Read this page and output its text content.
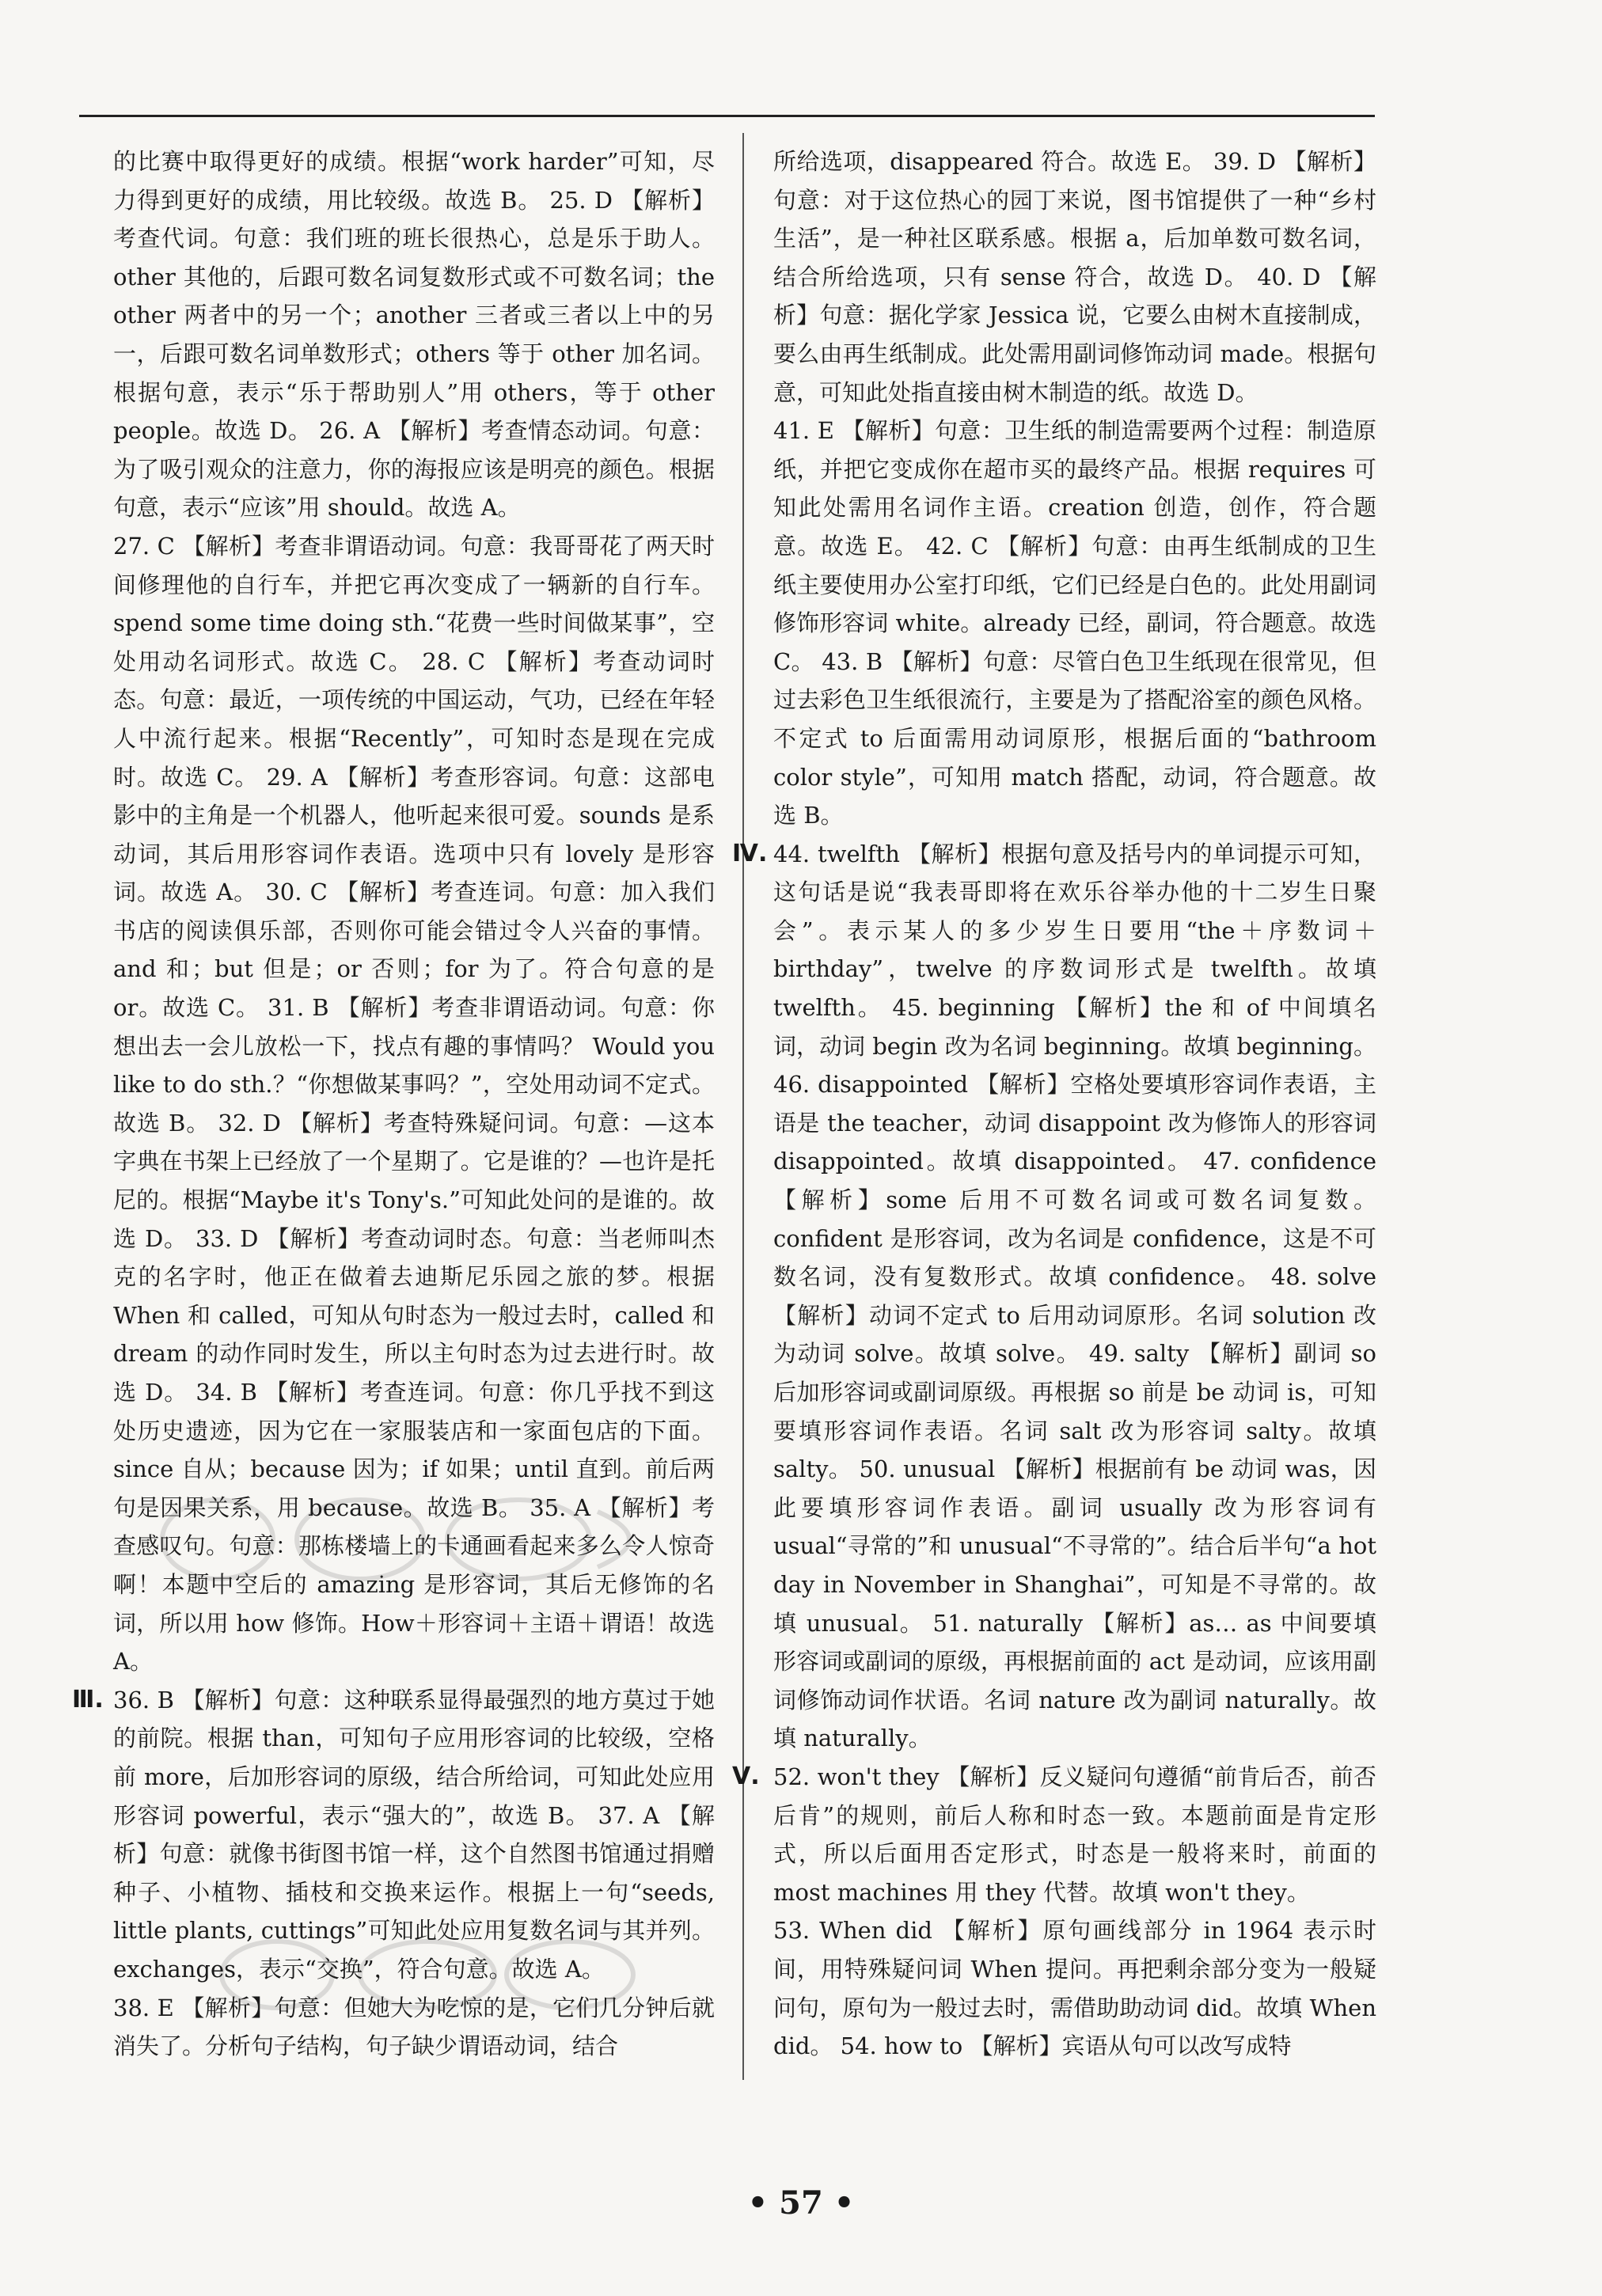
的比赛中取得更好的成绩。根据“work harder”可知，尽力得到更好的成绩，用比较级。故选 B。 25. D 【解析】考查代词。句意：我们班的班长很热心，总是乐于助人。other 其他的，后跟可数名词复数形式或不可数名词；the other 两者中的另一个；another 三者或三者以上中的另一，后跟可数名词单数形式；others 等于 other 加名词。根据句意，表示“乐于帮助别人”用 others，等于 other people。故选 D。 26. A 【解析】考查情态动词。句意：为了吸引观众的注意力，你的海报应该是明亮的颜色。根据句意，表示“应该”用 should。故选 A。

27. C 【解析】考查非谓语动词。句意：我哥哥花了两天时间修理他的自行车，并把它再次变成了一辆新的自行车。spend some time doing sth.“花费一些时间做某事”，空处用动名词形式。故选 C。 28. C 【解析】考查动词时态。句意：最近，一项传统的中国运动，气功，已经在年轻人中流行起来。根据“Recently”，可知时态是现在完成时。故选 C。 29. A 【解析】考查形容词。句意：这部电影中的主角是一个机器人，他听起来很可爱。sounds 是系动词，其后用形容词作表语。选项中只有 lovely 是形容词。故选 A。 30. C 【解析】考查连词。句意：加入我们书店的阅读俱乐部，否则你可能会错过令人兴奋的事情。and 和；but 但是；or 否则；for 为了。符合句意的是 or。故选 C。 31. B 【解析】考查非谓语动词。句意：你想出去一会儿放松一下，找点有趣的事情吗？ Would you like to do sth.？“你想做某事吗？”，空处用动词不定式。故选 B。 32. D 【解析】考查特殊疑问词。句意：—这本字典在书架上已经放了一个星期了。它是谁的？—也许是托尼的。根据“Maybe it's Tony's.”可知此处问的是谁的。故选 D。 33. D 【解析】考查动词时态。句意：当老师叫杰克的名字时，他正在做着去迪斯尼乐园之旅的梦。根据 When 和 called，可知从句时态为一般过去时，called 和 dream 的动作同时发生，所以主句时态为过去进行时。故选 D。 34. B 【解析】考查连词。句意：你几乎找不到这处历史遗迹，因为它在一家服装店和一家面包店的下面。since 自从；because 因为；if 如果；until 直到。前后两句是因果关系，用 because。故选 B。 35. A 【解析】考查感叹句。句意：那栋楼墙上的卡通画看起来多么令人惊奇啊！本题中空后的 amazing 是形容词，其后无修饰的名词，所以用 how 修饰。How＋形容词＋主语＋谓语！故选 A。

Ⅲ. 36. B 【解析】句意：这种联系显得最强烈的地方莫过于她的前院。根据 than，可知句子应用形容词的比较级，空格前 more，后加形容词的原级，结合所给词，可知此处应用形容词 powerful，表示“强大的”，故选 B。 37. A 【解析】句意：就像书街图书馆一样，这个自然图书馆通过捐赠种子、小植物、插枝和交换来运作。根据上一句“seeds, little plants, cuttings”可知此处应用复数名词与其并列。exchanges，表示“交换”，符合句意。故选 A。

38. E 【解析】句意：但她大为吃惊的是，它们几分钟后就消失了。分析句子结构，句子缺少谓语动词，结合

所给选项，disappeared 符合。故选 E。 39. D 【解析】句意：对于这位热心的园丁来说，图书馆提供了一种“乡村生活”，是一种社区联系感。根据 a，后加单数可数名词，结合所给选项，只有 sense 符合，故选 D。 40. D 【解析】句意：据化学家 Jessica 说，它要么由树木直接制成，要么由再生纸制成。此处需用副词修饰动词 made。根据句意，可知此处指直接由树木制造的纸。故选 D。

41. E 【解析】句意：卫生纸的制造需要两个过程：制造原纸，并把它变成你在超市买的最终产品。根据 requires 可知此处需用名词作主语。creation 创造，创作，符合题意。故选 E。 42. C 【解析】句意：由再生纸制成的卫生纸主要使用办公室打印纸，它们已经是白色的。此处用副词修饰形容词 white。already 已经，副词，符合题意。故选 C。 43. B 【解析】句意：尽管白色卫生纸现在很常见，但过去彩色卫生纸很流行，主要是为了搭配浴室的颜色风格。不定式 to 后面需用动词原形，根据后面的“bathroom color style”，可知用 match 搭配，动词，符合题意。故选 B。

Ⅳ. 44. twelfth 【解析】根据句意及括号内的单词提示可知，这句话是说“我表哥即将在欢乐谷举办他的十二岁生日聚会”。表示某人的多少岁生日要用“the＋序数词＋birthday”，twelve 的序数词形式是 twelfth。故填 twelfth。 45. beginning 【解析】the 和 of 中间填名词，动词 begin 改为名词 beginning。故填 beginning。

46. disappointed 【解析】空格处要填形容词作表语，主语是 the teacher，动词 disappoint 改为修饰人的形容词 disappointed。故填 disappointed。 47. confidence 【解析】some 后用不可数名词或可数名词复数。confident 是形容词，改为名词是 confidence，这是不可数名词，没有复数形式。故填 confidence。 48. solve 【解析】动词不定式 to 后用动词原形。名词 solution 改为动词 solve。故填 solve。 49. salty 【解析】副词 so 后加形容词或副词原级。再根据 so 前是 be 动词 is，可知要填形容词作表语。名词 salt 改为形容词 salty。故填 salty。 50. unusual 【解析】根据前有 be 动词 was，因此要填形容词作表语。副词 usually 改为形容词有 usual“寻常的”和 unusual“不寻常的”。结合后半句“a hot day in November in Shanghai”，可知是不寻常的。故填 unusual。 51. naturally 【解析】as… as 中间要填形容词或副词的原级，再根据前面的 act 是动词，应该用副词修饰动词作状语。名词 nature 改为副词 naturally。故填 naturally。

Ⅴ. 52. won't they 【解析】反义疑问句遵循“前肯后否，前否后肯”的规则，前后人称和时态一致。本题前面是肯定形式，所以后面用否定形式，时态是一般将来时，前面的 most machines 用 they 代替。故填 won't they。

53. When did 【解析】原句画线部分 in 1964 表示时间，用特殊疑问词 When 提问。再把剩余部分变为一般疑问句，原句为一般过去时，需借助助动词 did。故填 When did。 54. how to 【解析】宾语从句可以改写成特

• 57 •
